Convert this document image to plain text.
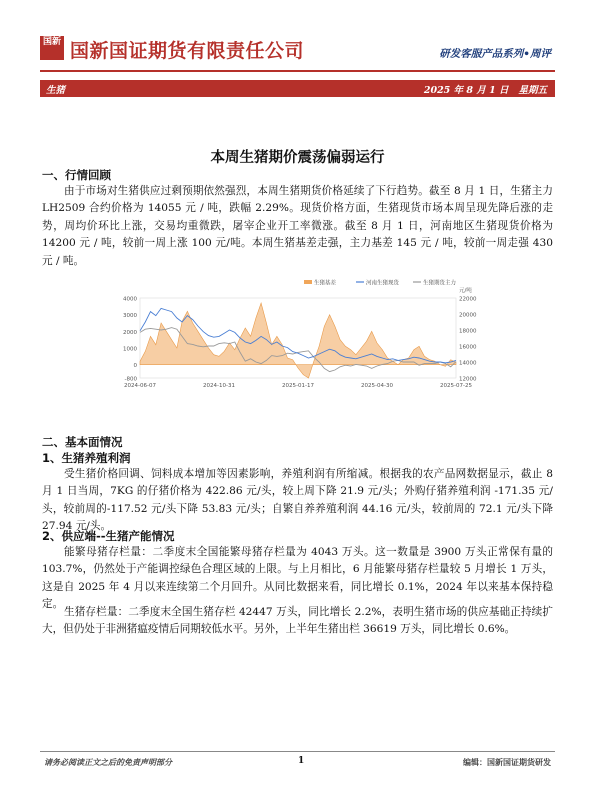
国新 国新国证期货有限责任公司	研发客服产品系列•周评
生猪	2025 年 8 月 1 日 星期五
本周生猪期价震荡偏弱运行
一、行情回顾
由于市场对生猪供应过剩预期依然强烈，本周生猪期货价格延续了下行趋势。截至 8 月 1 日，生猪主力 LH2509 合约价格为 14055 元 / 吨，跌幅 2.29%。现货价格方面，生猪现货市场本周呈现先降后涨的走势，周均价环比上涨，交易均重微跌，屠宰企业开工率微涨。截至 8 月 1 日，河南地区生猪现货价格为 14200 元 / 吨，较前一周上涨 100 元/吨。本周生猪基差走强，主力基差 145 元 / 吨，较前一周走强 430 元 / 吨。
生猪基差	河南生猪现货	生猪期货主力
-800
0
1000
2000
3000
4000
12000
14000
16000
18000
20000
22000
元/吨
2024-06-07	2024-10-31	2025-01-17	2025-04-30	2025-07-25
二、基本面情况
1、生猪养殖利润
受生猪价格回调、饲料成本增加等因素影响，养殖利润有所缩减。根据我的农产品网数据显示，截止 8 月 1 日当周，7KG 的仔猪价格为 422.86 元/头，较上周下降 21.9 元/头；外购仔猪养殖利润 -171.35 元/头，较前周的-117.52 元/头下降 53.83 元/头；自繁自养养殖利润 44.16 元/头，较前周的 72.1 元/头下降 27.94 元/头。
2、供应端--生猪产能情况
能繁母猪存栏量：二季度末全国能繁母猪存栏量为 4043 万头。这一数量是 3900 万头正常保有量的 103.7%，仍然处于产能调控绿色合理区域的上限。与上月相比，6 月能繁母猪存栏量较 5 月增长 1 万头，这是自 2025 年 4 月以来连续第二个月回升。从同比数据来看，同比增长 0.1%，2024 年以来基本保持稳定。
生猪存栏量：二季度末全国生猪存栏 42447 万头，同比增长 2.2%，表明生猪市场的供应基础正持续扩大，但仍处于非洲猪瘟疫情后同期较低水平。另外，上半年生猪出栏 36619 万头，同比增长 0.6%。
请务必阅读正文之后的免责声明部分	1	编辑：国新国证期货研发
